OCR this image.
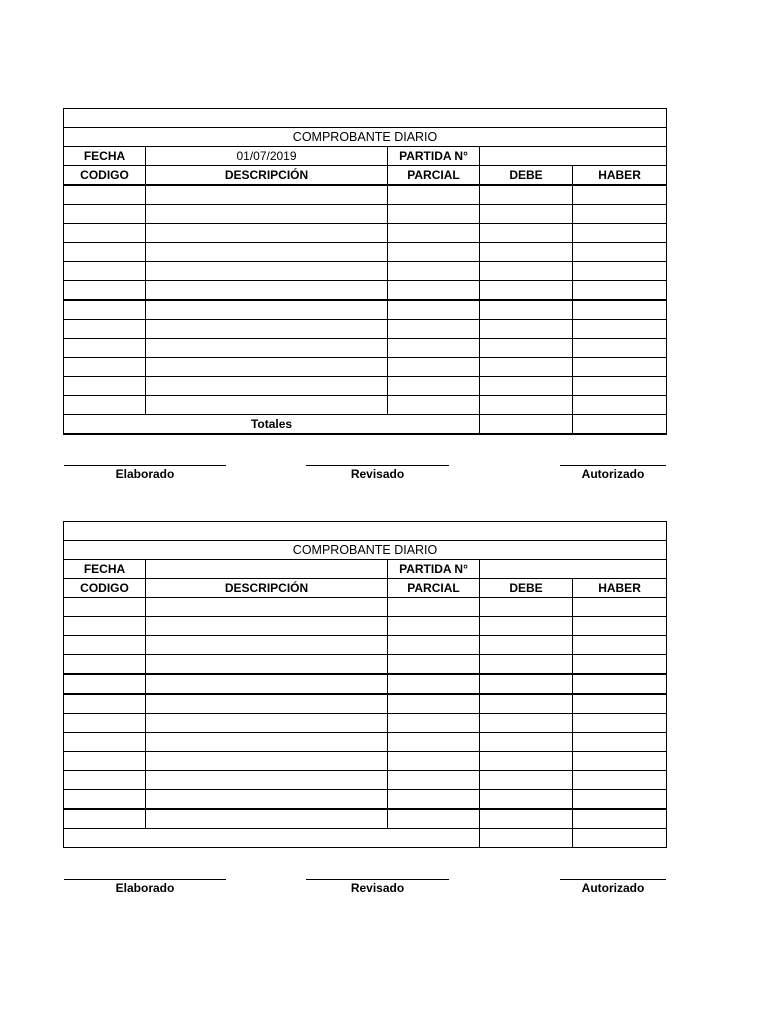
COMPROBANTE DIARIO				
FECHA	01/07/2019	PARTIDA N°		
CODIGO	DESCRIPCIÓN	PARCIAL	DEBE	HABER

Totales				
Elaborado	Revisado	Autorizado

COMPROBANTE DIARIO				
FECHA		PARTIDA N°		
CODIGO	DESCRIPCIÓN	PARCIAL	DEBE	HABER

Elaborado	Revisado	Autorizado
